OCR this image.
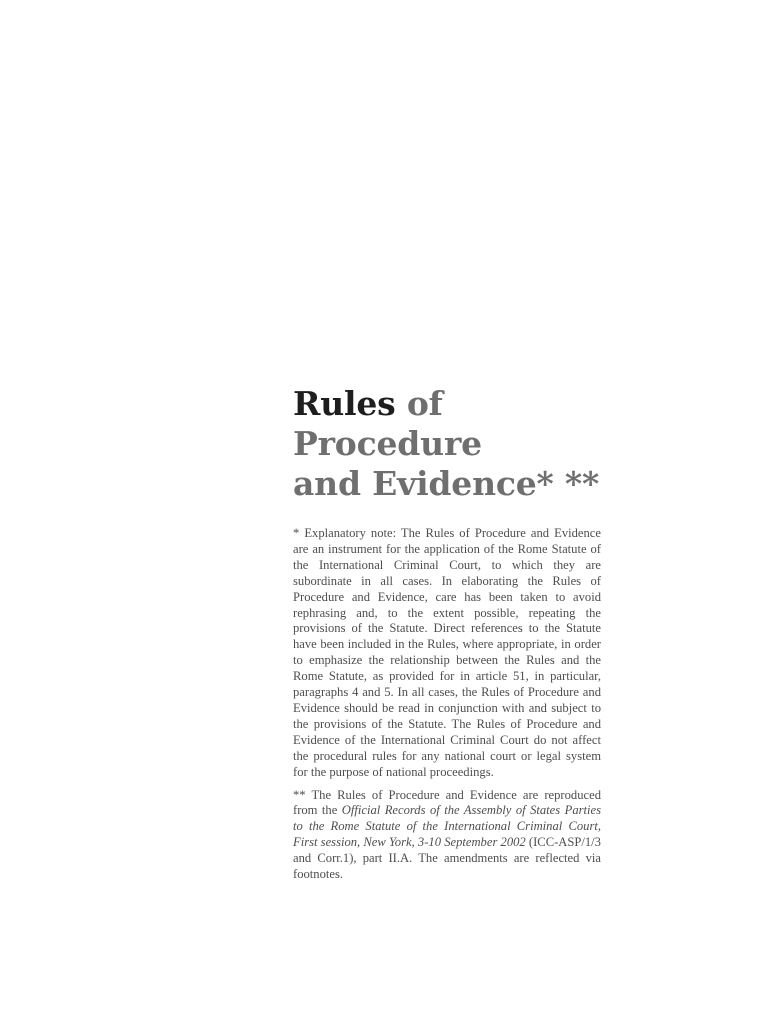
Rules of Procedure
and Evidence* **

* Explanatory note: The Rules of Procedure and Evidence are an instrument for the application of the Rome Statute of the International Criminal Court, to which they are subordinate in all cases. In elaborating the Rules of Procedure and Evidence, care has been taken to avoid rephrasing and, to the extent possible, repeating the provisions of the Statute. Direct references to the Statute have been included in the Rules, where appropriate, in order to emphasize the relationship between the Rules and the Rome Statute, as provided for in article 51, in particular, paragraphs 4 and 5. In all cases, the Rules of Procedure and Evidence should be read in conjunction with and subject to the provisions of the Statute. The Rules of Procedure and Evidence of the International Criminal Court do not affect the procedural rules for any national court or legal system for the purpose of national proceedings.

** The Rules of Procedure and Evidence are reproduced from the Official Records of the Assembly of States Parties to the Rome Statute of the International Criminal Court, First session, New York, 3-10 September 2002 (ICC-ASP/1/3 and Corr.1), part II.A. The amendments are reflected via footnotes.
